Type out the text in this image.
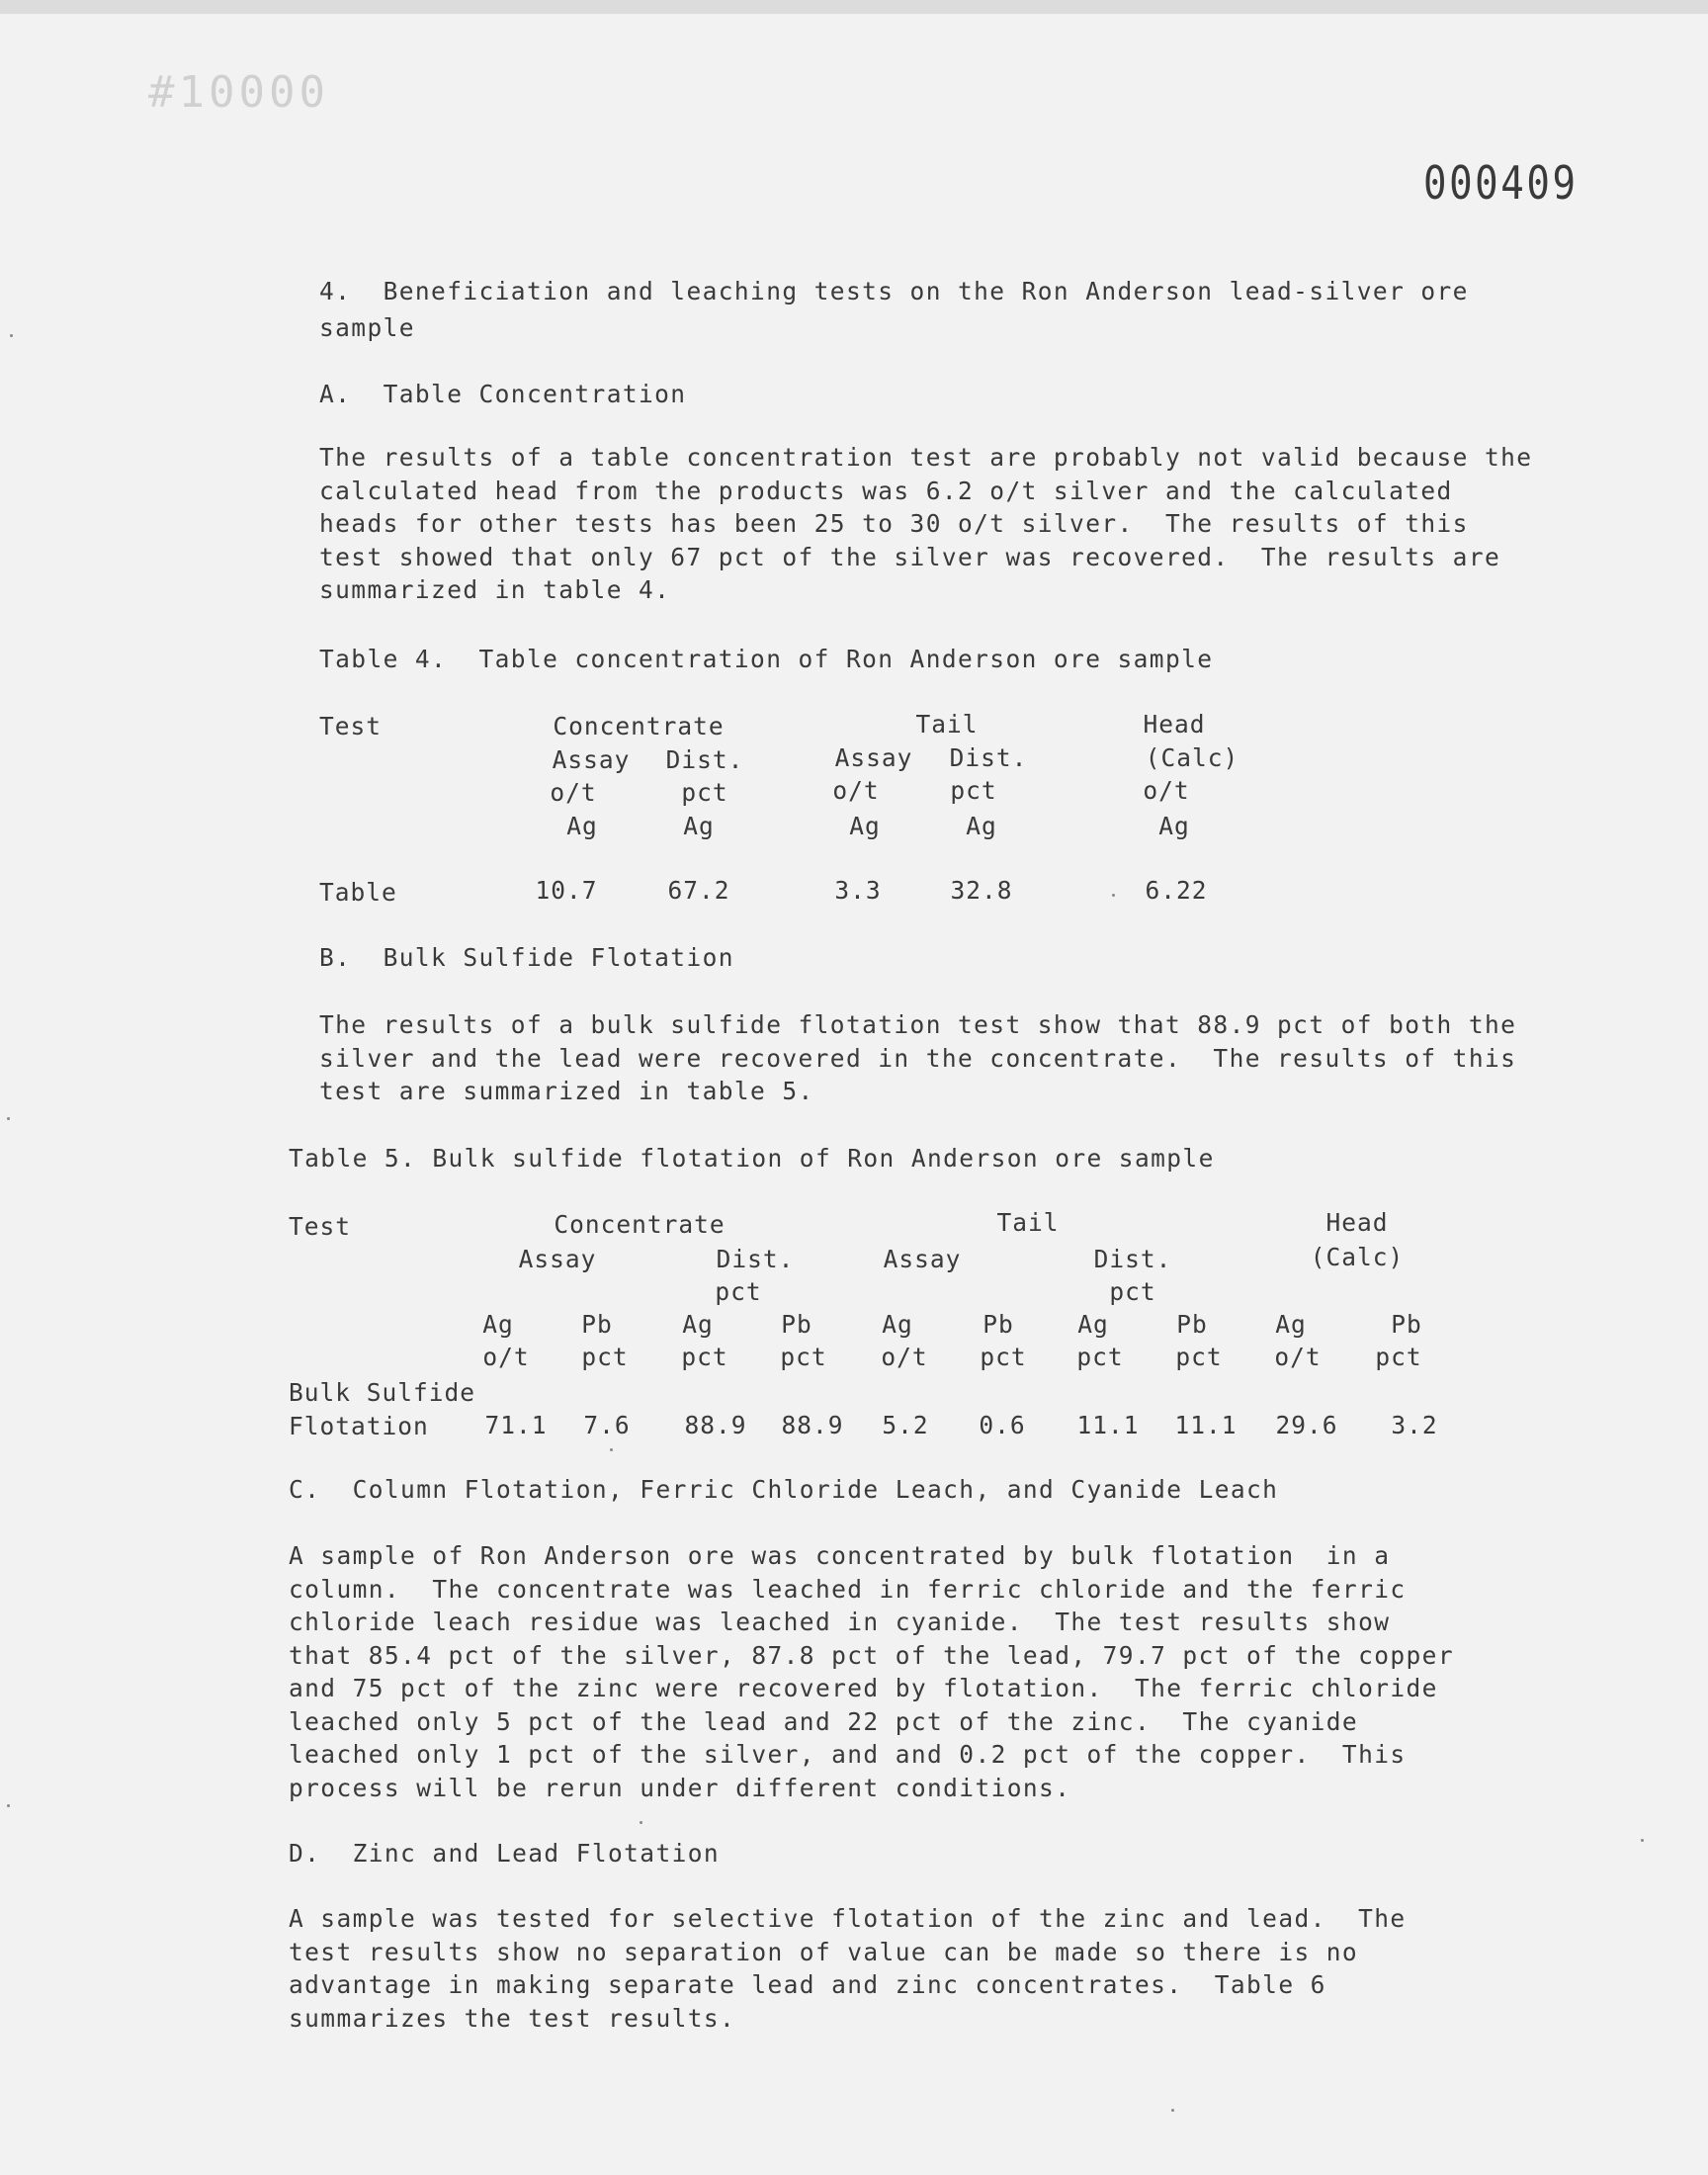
#10000
000409
4.  Beneficiation and leaching tests on the Ron Anderson lead-silver ore
sample
A.  Table Concentration
The results of a table concentration test are probably not valid because the
calculated head from the products was 6.2 o/t silver and the calculated
heads for other tests has been 25 to 30 o/t silver.  The results of this
test showed that only 67 pct of the silver was recovered.  The results are
summarized in table 4.
Table 4.  Table concentration of Ron Anderson ore sample
Test	Concentrate	Tail	Head
Assay Dist.	Assay Dist.	(Calc)
o/t	pct	o/t	pct	o/t
Ag	Ag	Ag	Ag	Ag
Table	10.7	67.2	3.3	32.8	6.22
B.  Bulk Sulfide Flotation
The results of a bulk sulfide flotation test show that 88.9 pct of both the
silver and the lead were recovered in the concentrate.  The results of this
test are summarized in table 5.
Table 5. Bulk sulfide flotation of Ron Anderson ore sample
Test	Concentrate	Tail	Head
Assay	Dist.	Assay	Dist.	(Calc)
pct	pct
Ag	Pb	Ag	Pb	Ag	Pb	Ag	Pb	Ag	Pb
o/t pct pct pct o/t pct pct pct o/t pct
Bulk Sulfide
Flotation 71.1 7.6 88.9 88.9 5.2 0.6 11.1 11.1 29.6 3.2
C.  Column Flotation, Ferric Chloride Leach, and Cyanide Leach
A sample of Ron Anderson ore was concentrated by bulk flotation  in a
column.  The concentrate was leached in ferric chloride and the ferric
chloride leach residue was leached in cyanide.  The test results show
that 85.4 pct of the silver, 87.8 pct of the lead, 79.7 pct of the copper
and 75 pct of the zinc were recovered by flotation.  The ferric chloride
leached only 5 pct of the lead and 22 pct of the zinc.  The cyanide
leached only 1 pct of the silver, and and 0.2 pct of the copper.  This
process will be rerun under different conditions.
D.  Zinc and Lead Flotation
A sample was tested for selective flotation of the zinc and lead.  The
test results show no separation of value can be made so there is no
advantage in making separate lead and zinc concentrates.  Table 6
summarizes the test results.
